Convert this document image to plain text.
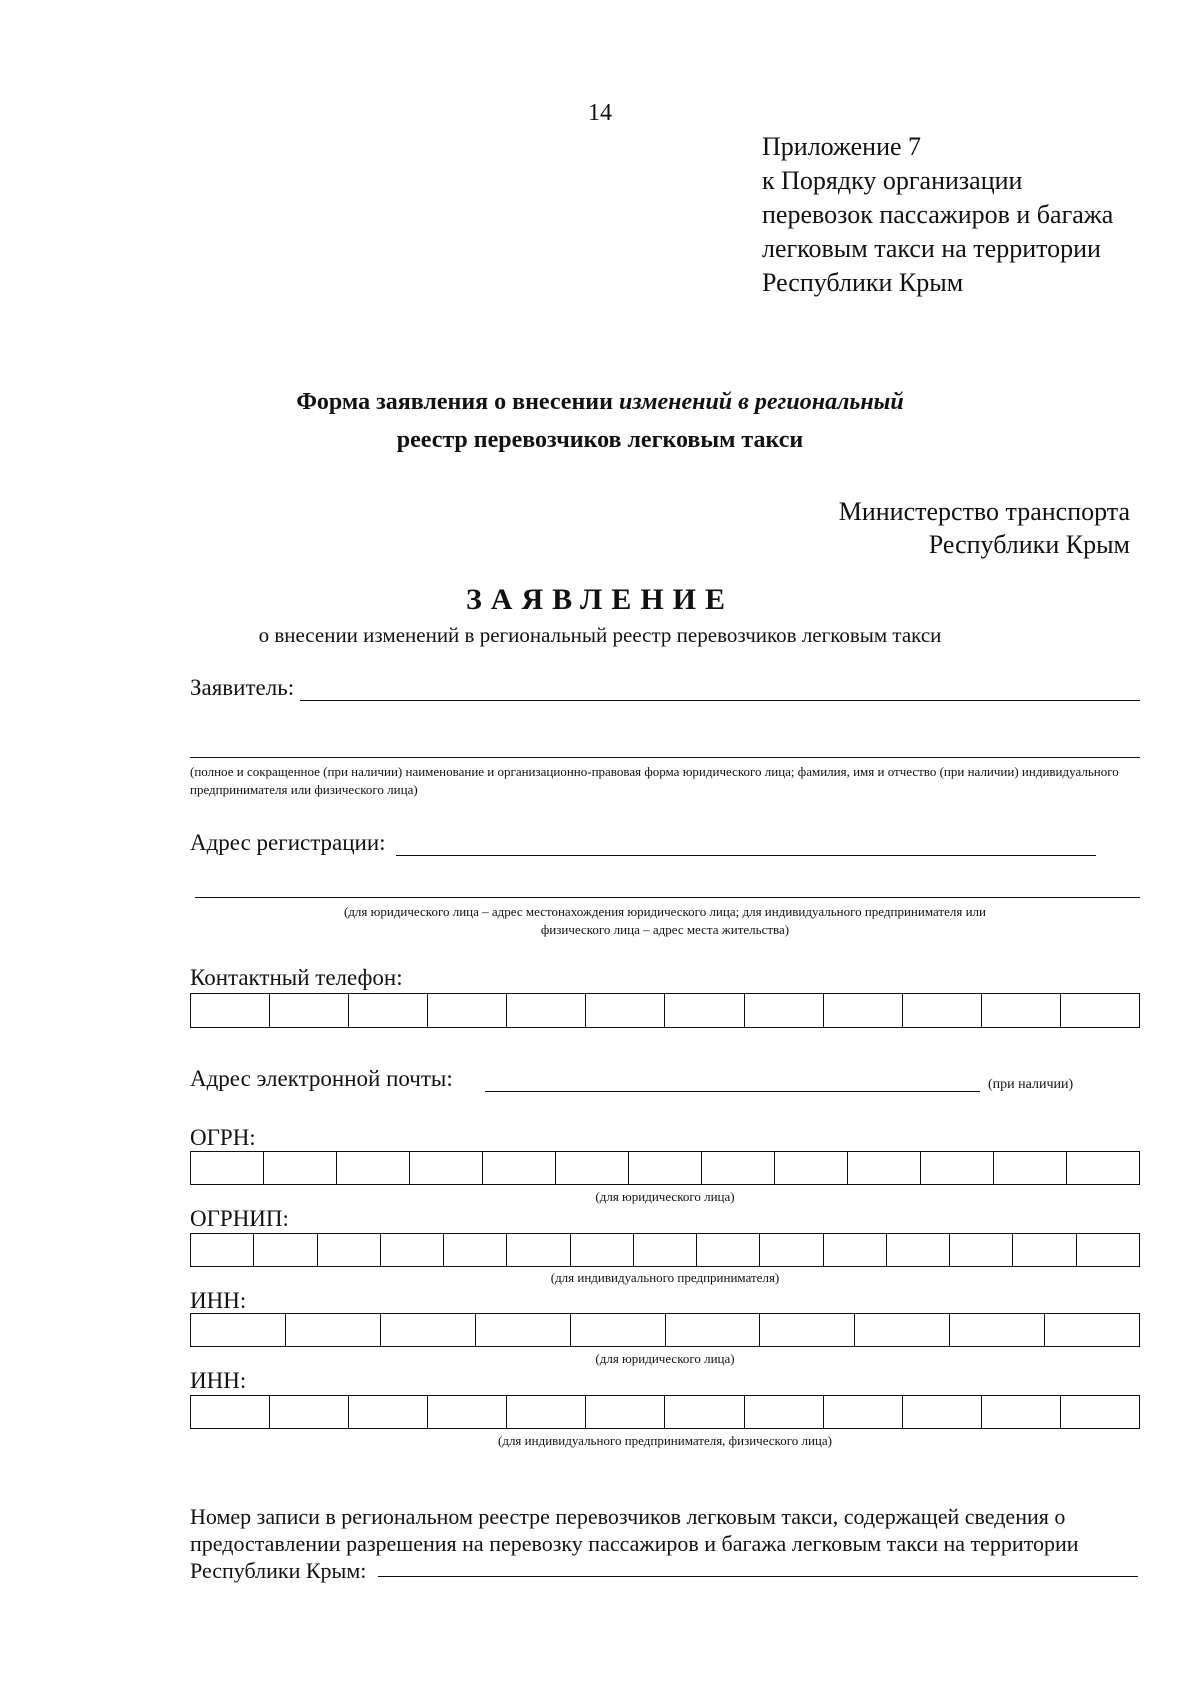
14
Приложение 7
к Порядку организации
перевозок пассажиров и багажа
легковым такси на территории
Республики Крым
Форма заявления о внесении изменений в региональный
реестр перевозчиков легковым такси
Министерство транспорта
Республики Крым
ЗАЯВЛЕНИЕ
о внесении изменений в региональный реестр перевозчиков легковым такси
Заявитель:
(полное и сокращенное (при наличии) наименование и организационно-правовая форма юридического лица; фамилия, имя и отчество (при наличии) индивидуального предпринимателя или физического лица)
Адрес регистрации:
(для юридического лица – адрес местонахождения юридического лица; для индивидуального предпринимателя или
физического лица – адрес места жительства)
Контактный телефон:
Адрес электронной почты:	(при наличии)
ОГРН:
(для юридического лица)
ОГРНИП:
(для индивидуального предпринимателя)
ИНН:
(для юридического лица)
ИНН:
(для индивидуального предпринимателя, физического лица)
Номер записи в региональном реестре перевозчиков легковым такси, содержащей сведения о
предоставлении разрешения на перевозку пассажиров и багажа легковым такси на территории
Республики Крым:
